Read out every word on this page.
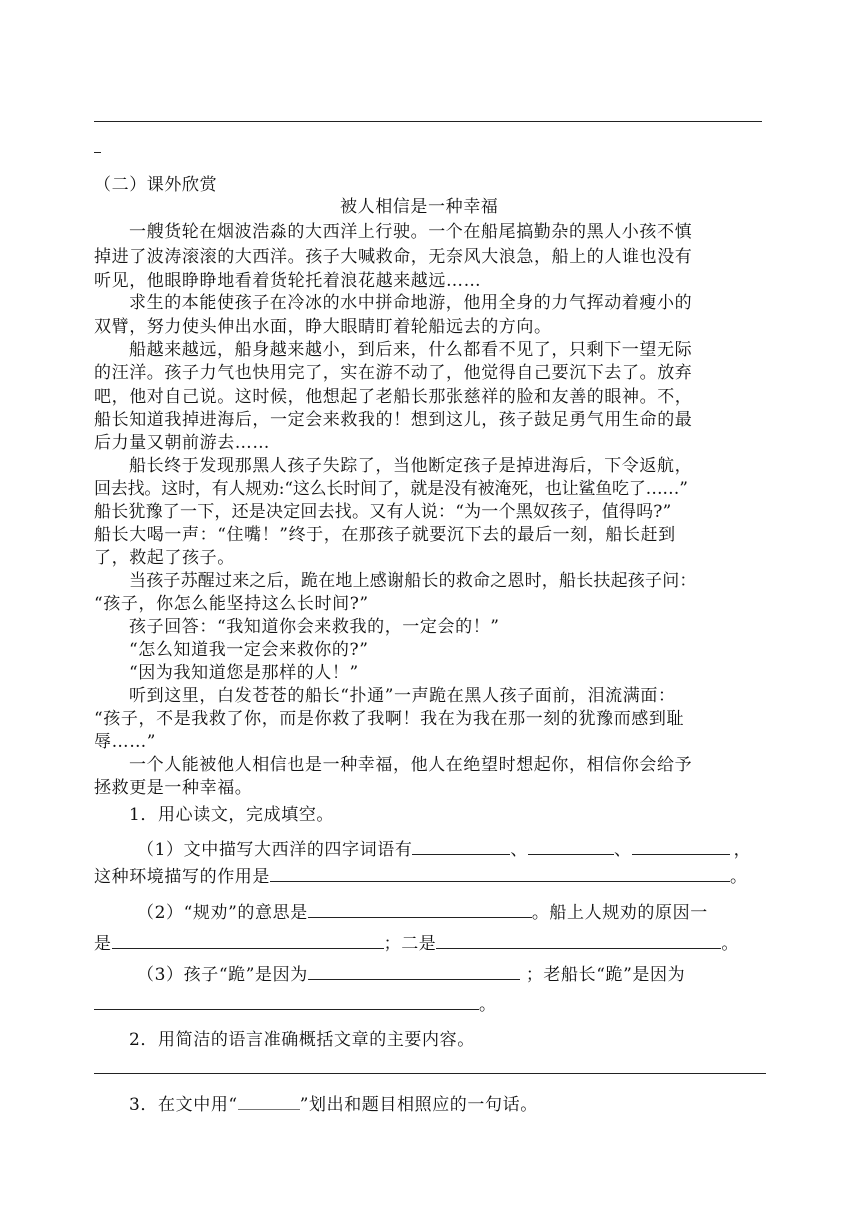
（二）课外欣赏
被人相信是一种幸福
一艘货轮在烟波浩淼的大西洋上行驶。一个在船尾搞勤杂的黑人小孩不慎
掉进了波涛滚滚的大西洋。孩子大喊救命，无奈风大浪急，船上的人谁也没有
听见，他眼睁睁地看着货轮托着浪花越来越远……
求生的本能使孩子在冷冰的水中拼命地游，他用全身的力气挥动着瘦小的
双臂，努力使头伸出水面，睁大眼睛盯着轮船远去的方向。
船越来越远，船身越来越小，到后来，什么都看不见了，只剩下一望无际
的汪洋。孩子力气也快用完了，实在游不动了，他觉得自己要沉下去了。放弃
吧，他对自己说。这时候，他想起了老船长那张慈祥的脸和友善的眼神。不，
船长知道我掉进海后，一定会来救我的！想到这儿，孩子鼓足勇气用生命的最
后力量又朝前游去……
船长终于发现那黑人孩子失踪了，当他断定孩子是掉进海后，下令返航，
回去找。这时，有人规劝:“这么长时间了，就是没有被淹死，也让鲨鱼吃了……”
船长犹豫了一下，还是决定回去找。又有人说：“为一个黑奴孩子，值得吗?”
船长大喝一声：“住嘴！”终于，在那孩子就要沉下去的最后一刻，船长赶到
了，救起了孩子。
当孩子苏醒过来之后，跪在地上感谢船长的救命之恩时，船长扶起孩子问：
“孩子，你怎么能坚持这么长时间?”
孩子回答：“我知道你会来救我的，一定会的！”
“怎么知道我一定会来救你的?”
“因为我知道您是那样的人！”
听到这里，白发苍苍的船长“扑通”一声跪在黑人孩子面前，泪流满面：
“孩子，不是我救了你，而是你救了我啊！我在为我在那一刻的犹豫而感到耻
辱……”
一个人能被他人相信也是一种幸福，他人在绝望时想起你，相信你会给予
拯救更是一种幸福。
1．用心读文，完成填空。
（1）文中描写大西洋的四字词语有	、	、	，
这种环境描写的作用是	。
（2）“规劝”的意思是	。船上人规劝的原因一
是	；二是	。
（3）孩子“跪”是因为	；老船长“跪”是因为
。
2．用简洁的语言准确概括文章的主要内容。
3．在文中用“	”划出和题目相照应的一句话。
